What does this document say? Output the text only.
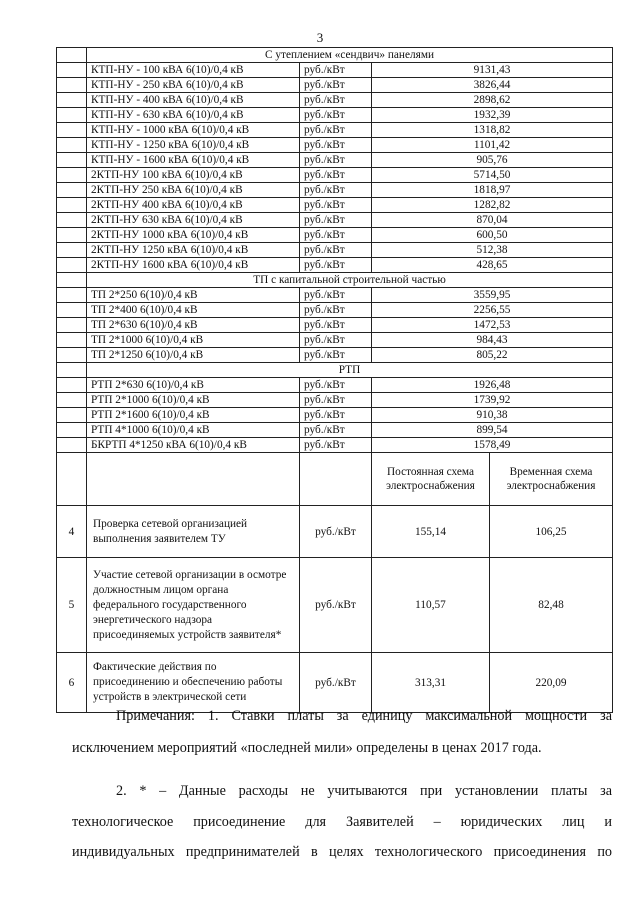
3
	С утеплением «сендвич» панелями			
	КТП-НУ - 100 кВА 6(10)/0,4 кВ	руб./кВт	9131,43	
	КТП-НУ - 250 кВА 6(10)/0,4 кВ	руб./кВт	3826,44	
	КТП-НУ - 400 кВА 6(10)/0,4 кВ	руб./кВт	2898,62	
	КТП-НУ - 630 кВА 6(10)/0,4 кВ	руб./кВт	1932,39	
	КТП-НУ - 1000 кВА 6(10)/0,4 кВ	руб./кВт	1318,82	
	КТП-НУ - 1250 кВА 6(10)/0,4 кВ	руб./кВт	1101,42	
	КТП-НУ - 1600 кВА 6(10)/0,4 кВ	руб./кВт	905,76	
	2КТП-НУ 100 кВА 6(10)/0,4 кВ	руб./кВт	5714,50	
	2КТП-НУ 250 кВА 6(10)/0,4 кВ	руб./кВт	1818,97	
	2КТП-НУ 400 кВА 6(10)/0,4 кВ	руб./кВт	1282,82	
	2КТП-НУ 630 кВА 6(10)/0,4 кВ	руб./кВт	870,04	
	2КТП-НУ 1000 кВА 6(10)/0,4 кВ	руб./кВт	600,50	
	2КТП-НУ 1250 кВА 6(10)/0,4 кВ	руб./кВт	512,38	
	2КТП-НУ 1600 кВА 6(10)/0,4 кВ	руб./кВт	428,65	
	ТП с капитальной строительной частью			
	ТП 2*250 6(10)/0,4 кВ	руб./кВт	3559,95	
	ТП 2*400 6(10)/0,4 кВ	руб./кВт	2256,55	
	ТП 2*630 6(10)/0,4 кВ	руб./кВт	1472,53	
	ТП 2*1000 6(10)/0,4 кВ	руб./кВт	984,43	
	ТП 2*1250 6(10)/0,4 кВ	руб./кВт	805,22	
	РТП			
	РТП 2*630 6(10)/0,4 кВ	руб./кВт	1926,48	
	РТП 2*1000 6(10)/0,4 кВ	руб./кВт	1739,92	
	РТП 2*1600 6(10)/0,4 кВ	руб./кВт	910,38	
	РТП 4*1000 6(10)/0,4 кВ	руб./кВт	899,54	
	БКРТП 4*1250 кВА 6(10)/0,4 кВ	руб./кВт	1578,49	
			Постоянная схема электроснабжения	Временная схема электроснабжения
4	Проверка сетевой организацией выполнения заявителем ТУ	руб./кВт	155,14	106,25
5	Участие сетевой организации в осмотре должностным лицом органа федерального государственного энергетического надзора присоединяемых устройств заявителя*	руб./кВт	110,57	82,48
6	Фактические действия по присоединению и обеспечению работы устройств в электрической сети	руб./кВт	313,31	220,09
Примечания: 1. Ставки платы за единицу максимальной мощности за
исключением мероприятий «последней мили» определены в ценах 2017 года.
2. * – Данные расходы не учитываются при установлении платы за
технологическое присоединение для Заявителей – юридических лиц и
индивидуальных предпринимателей в целях технологического присоединения по
